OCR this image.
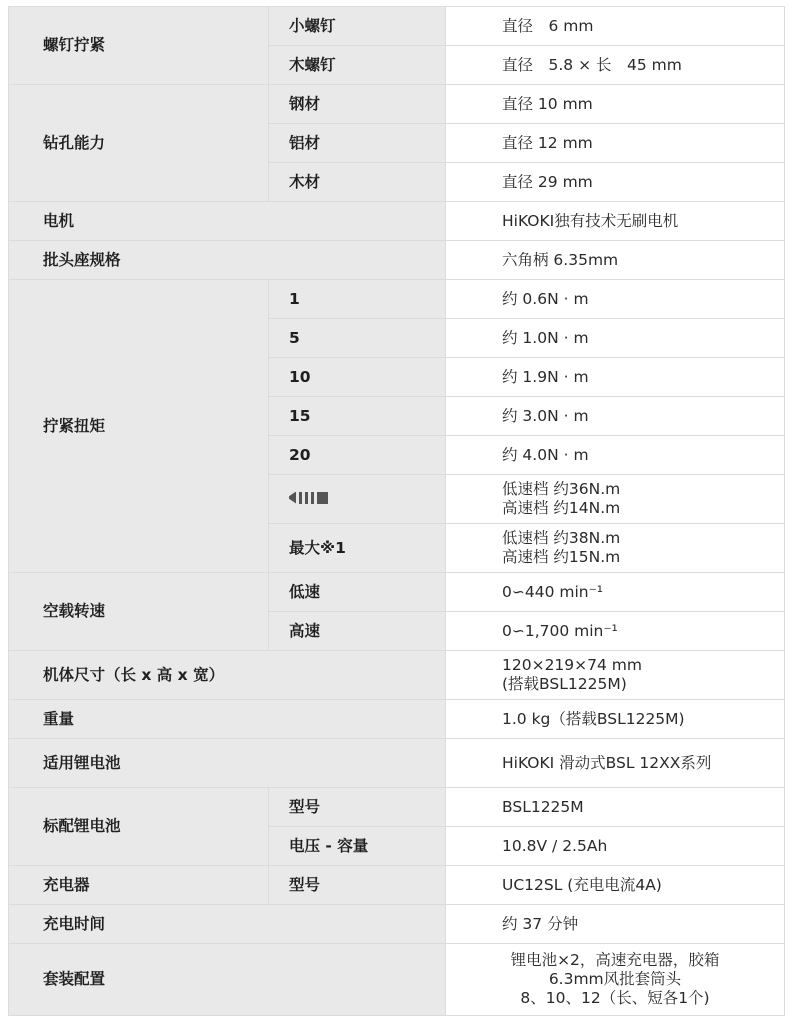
螺钉拧紧	小螺钉	直径　6 mm
	木螺钉	直径　5.8 × 长　45 mm
钻孔能力	钢材	直径 10 mm
	铝材	直径 12 mm
	木材	直径 29 mm
电机		HiKOKI独有技术无刷电机
批头座规格		六角柄 6.35mm
拧紧扭矩	1	约 0.6N · m
	5	约 1.0N · m
	10	约 1.9N · m
	15	约 3.0N · m
	20	约 4.0N · m

		低速档 约36N.m
高速档 约14N.m

	最大※1	低速档 约38N.m
高速档 约15N.m

空载转速	低速	0∽440 min⁻¹
	高速	0∽1,700 min⁻¹
机体尺寸（长 x 高 x 宽）		120×219×74 mm
(搭载BSL1225M)

重量		1.0 kg（搭载BSL1225M)
适用锂电池		HiKOKI 滑动式BSL 12XX系列
标配锂电池	型号	BSL1225M
	电压 - 容量	10.8V / 2.5Ah
充电器	型号	UC12SL (充电电流4A)
充电时间		约 37 分钟
套装配置		锂电池×2，高速充电器，胶箱
6.3mm风批套筒头
8、10、12（长、短各1个)
